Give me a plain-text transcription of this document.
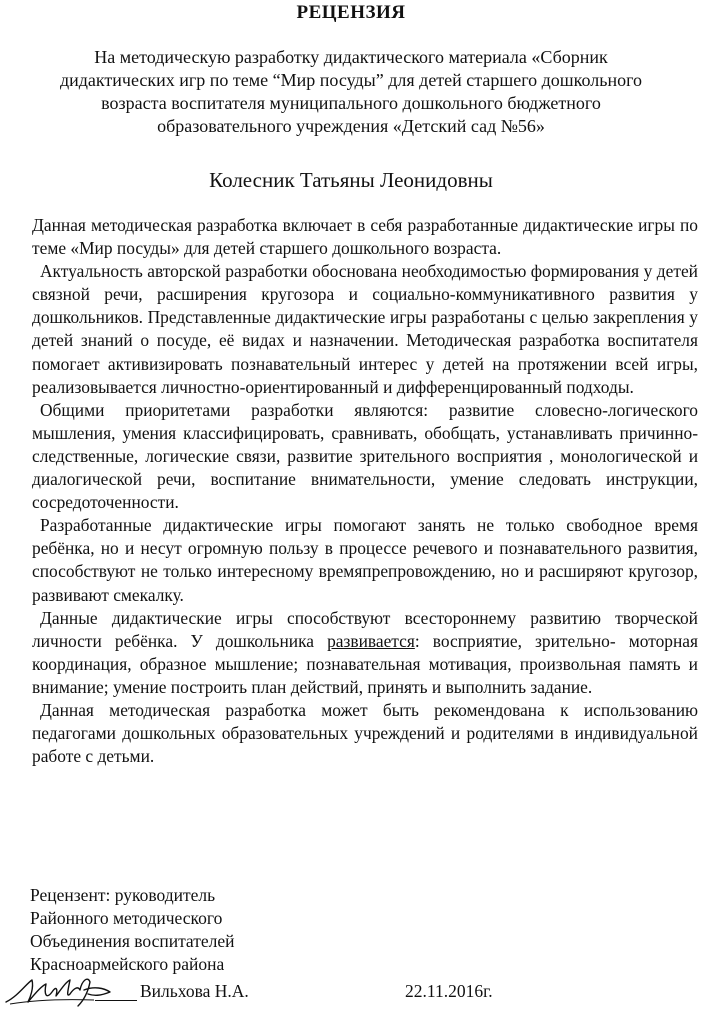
РЕЦЕНЗИЯ
На методическую разработку дидактического материала «Сборник дидактических игр по теме “Мир посуды” для детей старшего дошкольного возраста воспитателя муниципального дошкольного бюджетного образовательного учреждения «Детский сад №56»
Колесник Татьяны Леонидовны

Данная методическая разработка включает в себя разработанные дидактические игры по теме «Мир посуды» для детей старшего дошкольного возраста.

Актуальность авторской разработки обоснована необходимостью формирования у детей связной речи, расширения кругозора и социально-коммуникативного развития у дошкольников. Представленные дидактические игры разработаны с целью закрепления у детей знаний о посуде, её видах и назначении. Методическая разработка воспитателя помогает активизировать познавательный интерес у детей на протяжении всей игры, реализовывается личностно-ориентированный и дифференцированный подходы.

Общими приоритетами разработки являются: развитие словесно-логического мышления, умения классифицировать, сравнивать, обобщать, устанавливать причинно-следственные, логические связи, развитие зрительного восприятия , монологической и диалогической речи, воспитание внимательности, умение следовать инструкции, сосредоточенности.

Разработанные дидактические игры помогают занять не только свободное время ребёнка, но и несут огромную пользу в процессе речевого и познавательного развития, способствуют не только интересному времяпрепровождению, но и расширяют кругозор, развивают смекалку.

Данные дидактические игры способствуют всестороннему развитию творческой личности ребёнка. У дошкольника развивается: восприятие, зрительно- моторная координация, образное мышление; познавательная мотивация, произвольная память и внимание; умение построить план действий, принять и выполнить задание.

Данная методическая разработка может быть рекомендована к использованию педагогами дошкольных образовательных учреждений и родителями в индивидуальной работе с детьми.

Рецензент: руководитель
Районного методического
Объединения воспитателей
Красноармейского района
Вильхова Н.А.	22.11.2016г.
